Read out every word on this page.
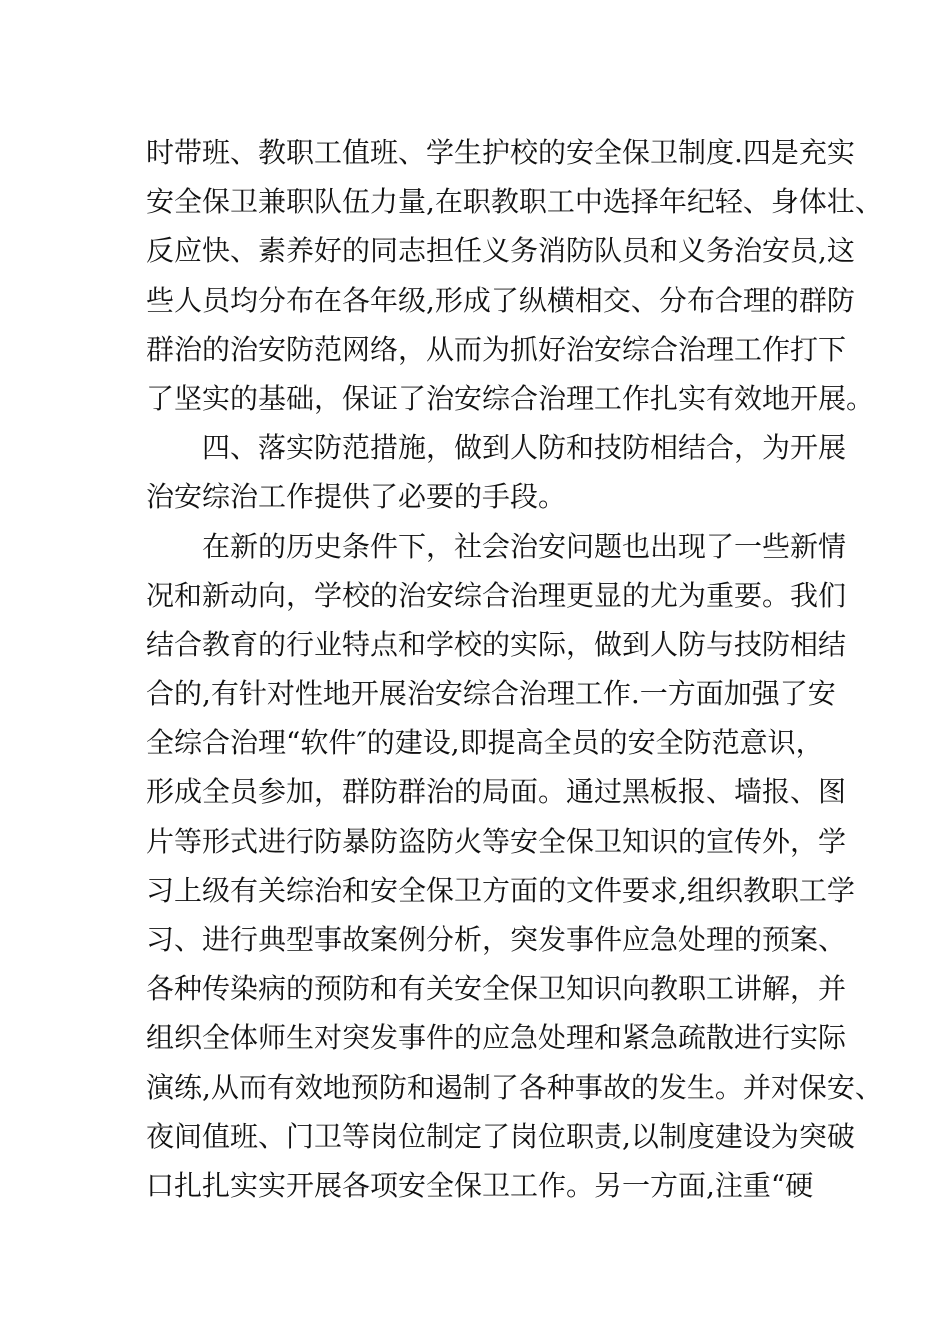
时带班、教职工值班、学生护校的安全保卫制度.四是充实
安全保卫兼职队伍力量,在职教职工中选择年纪轻、身体壮、
反应快、素养好的同志担任义务消防队员和义务治安员,这
些人员均分布在各年级,形成了纵横相交、分布合理的群防
群治的治安防范网络，从而为抓好治安综合治理工作打下
了坚实的基础，保证了治安综合治理工作扎实有效地开展。
四、落实防范措施，做到人防和技防相结合，为开展
治安综治工作提供了必要的手段。
在新的历史条件下，社会治安问题也出现了一些新情
况和新动向，学校的治安综合治理更显的尤为重要。我们
结合教育的行业特点和学校的实际，做到人防与技防相结
合的,有针对性地开展治安综合治理工作.一方面加强了安
全综合治理“软件″的建设,即提高全员的安全防范意识，
形成全员参加，群防群治的局面。通过黑板报、墙报、图
片等形式进行防暴防盗防火等安全保卫知识的宣传外，学
习上级有关综治和安全保卫方面的文件要求,组织教职工学
习、进行典型事故案例分析，突发事件应急处理的预案、
各种传染病的预防和有关安全保卫知识向教职工讲解，并
组织全体师生对突发事件的应急处理和紧急疏散进行实际
演练,从而有效地预防和遏制了各种事故的发生。并对保安、
夜间值班、门卫等岗位制定了岗位职责,以制度建设为突破
口扎扎实实开展各项安全保卫工作。另一方面,注重“硬
